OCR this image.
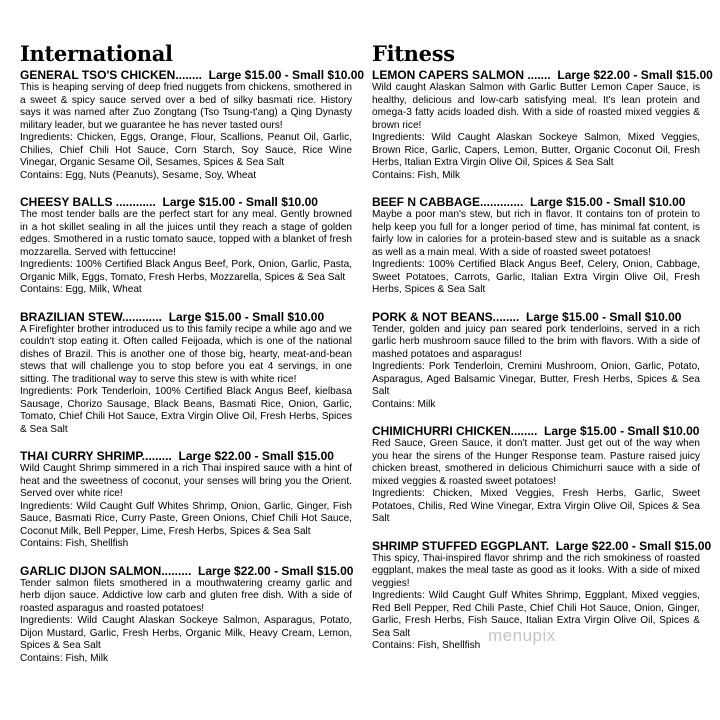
International
GENERAL TSO'S CHICKEN........ Large $15.00 - Small $10.00

This is heaping serving of deep fried nuggets from chickens, smothered in a sweet & spicy sauce served over a bed of silky basmati rice. History says it was named after Zuo Zongtang (Tso Tsung-t'ang) a Qing Dynasty military leader, but we guarantee he has never tasted ours!

Ingredients: Chicken, Eggs, Orange, Flour, Scallions, Peanut Oil, Garlic, Chilies, Chief Chili Hot Sauce, Corn Starch, Soy Sauce, Rice Wine Vinegar, Organic Sesame Oil, Sesames, Spices & Sea Salt

Contains: Egg, Nuts (Peanuts), Sesame, Soy, Wheat

CHEESY BALLS ............ Large $15.00 - Small $10.00

The most tender balls are the perfect start for any meal. Gently browned in a hot skillet sealing in all the juices until they reach a stage of golden edges. Smothered in a rustic tomato sauce, topped with a blanket of fresh mozzarella. Served with fettuccine!

Ingredients: 100% Certified Black Angus Beef, Pork, Onion, Garlic, Pasta, Organic Milk, Eggs, Tomato, Fresh Herbs, Mozzarella, Spices & Sea Salt

Contains: Egg, Milk, Wheat

BRAZILIAN STEW............ Large $15.00 - Small $10.00

A Firefighter brother introduced us to this family recipe a while ago and we couldn't stop eating it. Often called Feijoada, which is one of the national dishes of Brazil. This is another one of those big, hearty, meat-and-bean stews that will challenge you to stop before you eat 4 servings, in one sitting. The traditional way to serve this stew is with white rice!

Ingredients: Pork Tenderloin, 100% Certified Black Angus Beef, kielbasa Sausage, Chorizo Sausage, Black Beans, Basmati Rice, Onion, Garlic, Tomato, Chief Chili Hot Sauce, Extra Virgin Olive Oil, Fresh Herbs, Spices & Sea Salt

THAI CURRY SHRIMP......... Large $22.00 - Small $15.00

Wild Caught Shrimp simmered in a rich Thai inspired sauce with a hint of heat and the sweetness of coconut, your senses will bring you the Orient. Served over white rice!

Ingredients: Wild Caught Gulf Whites Shrimp, Onion, Garlic, Ginger, Fish Sauce, Basmati Rice, Curry Paste, Green Onions, Chief Chili Hot Sauce, Coconut Milk, Bell Pepper, Lime, Fresh Herbs, Spices & Sea Salt

Contains: Fish, Shellfish

GARLIC DIJON SALMON......... Large $22.00 - Small $15.00

Tender salmon filets smothered in a mouthwatering creamy garlic and herb dijon sauce. Addictive low carb and gluten free dish. With a side of roasted asparagus and roasted potatoes!

Ingredients: Wild Caught Alaskan Sockeye Salmon, Asparagus, Potato, Dijon Mustard, Garlic, Fresh Herbs, Organic Milk, Heavy Cream, Lemon, Spices & Sea Salt

Contains: Fish, Milk

Fitness
LEMON CAPERS SALMON ....... Large $22.00 - Small $15.00

Wild caught Alaskan Salmon with Garlic Butter Lemon Caper Sauce, is healthy, delicious and low-carb satisfying meal. It's lean protein and omega-3 fatty acids loaded dish. With a side of roasted mixed veggies & brown rice!

Ingredients: Wild Caught Alaskan Sockeye Salmon, Mixed Veggies, Brown Rice, Garlic, Capers, Lemon, Butter, Organic Coconut Oil, Fresh Herbs, Italian Extra Virgin Olive Oil, Spices & Sea Salt

Contains: Fish, Milk

BEEF N CABBAGE............. Large $15.00 - Small $10.00

Maybe a poor man's stew, but rich in flavor. It contains ton of protein to help keep you full for a longer period of time, has minimal fat content, is fairly low in calories for a protein-based stew and is suitable as a snack as well as a main meal. With a side of roasted sweet potatoes!

Ingredients: 100% Certified Black Angus Beef, Celery, Onion, Cabbage, Sweet Potatoes, Carrots, Garlic, Italian Extra Virgin Olive Oil, Fresh Herbs, Spices & Sea Salt

PORK & NOT BEANS........ Large $15.00 - Small $10.00

Tender, golden and juicy pan seared pork tenderloins, served in a rich garlic herb mushroom sauce filled to the brim with flavors. With a side of mashed potatoes and asparagus!

Ingredients: Pork Tenderloin, Cremini Mushroom, Onion, Garlic, Potato, Asparagus, Aged Balsamic Vinegar, Butter, Fresh Herbs, Spices & Sea Salt

Contains: Milk

CHIMICHURRI CHICKEN........ Large $15.00 - Small $10.00

Red Sauce, Green Sauce, it don't matter. Just get out of the way when you hear the sirens of the Hunger Response team. Pasture raised juicy chicken breast, smothered in delicious Chimichurri sauce with a side of mixed veggies & roasted sweet potatoes!

Ingredients: Chicken, Mixed Veggies, Fresh Herbs, Garlic, Sweet Potatoes, Chilis, Red Wine Vinegar, Extra Virgin Olive Oil, Spices & Sea Salt

SHRIMP STUFFED EGGPLANT. Large $22.00 - Small $15.00

This spicy, Thai-inspired flavor shrimp and the rich smokiness of roasted eggplant, makes the meal taste as good as it looks. With a side of mixed veggies!

Ingredients: Wild Caught Gulf Whites Shrimp, Eggplant, Mixed veggies, Red Bell Pepper, Red Chili Paste, Chief Chili Hot Sauce, Onion, Ginger, Garlic, Fresh Herbs, Fish Sauce, Italian Extra Virgin Olive Oil, Spices & Sea Salt

Contains: Fish, Shellfish

menupix
